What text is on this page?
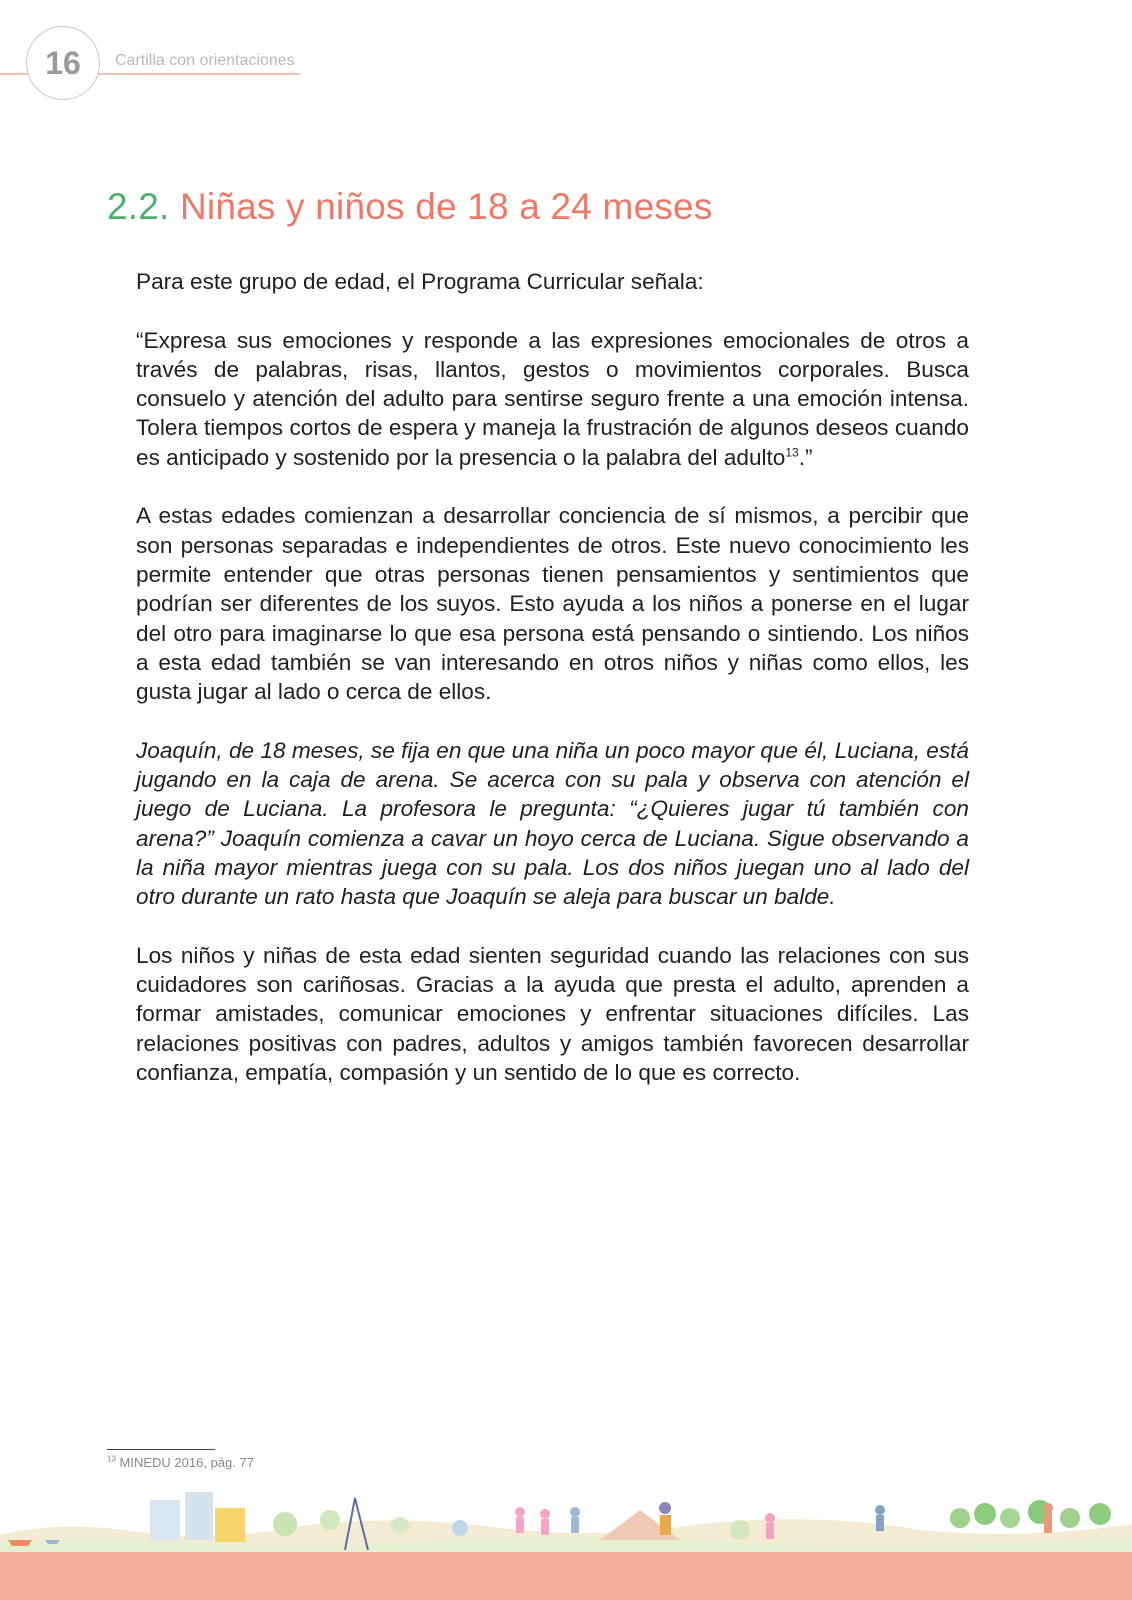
16	Cartilla con orientaciones
2.2. Niñas y niños de 18 a 24 meses

Para este grupo de edad, el Programa Curricular señala:

“Expresa sus emociones y responde a las expresiones emocionales de otros a través de palabras, risas, llantos, gestos o movimientos corporales. Busca consuelo y atención del adulto para sentirse seguro frente a una emoción intensa. Tolera tiempos cortos de espera y maneja la frustración de algunos deseos cuando es anticipado y sostenido por la presencia o la palabra del adulto$^{13}$.”

A estas edades comienzan a desarrollar conciencia de sí mismos, a percibir que son personas separadas e independientes de otros. Este nuevo conocimiento les permite entender que otras personas tienen pensamientos y sentimientos que podrían ser diferentes de los suyos. Esto ayuda a los niños a ponerse en el lugar del otro para imaginarse lo que esa persona está pensando o sintiendo. Los niños a esta edad también se van interesando en otros niños y niñas como ellos, les gusta jugar al lado o cerca de ellos.

Joaquín, de 18 meses, se fija en que una niña un poco mayor que él, Luciana, está jugando en la caja de arena. Se acerca con su pala y observa con atención el juego de Luciana. La profesora le pregunta: “¿Quieres jugar tú también con arena?” Joaquín comienza a cavar un hoyo cerca de Luciana. Sigue observando a la niña mayor mientras juega con su pala. Los dos niños juegan uno al lado del otro durante un rato hasta que Joaquín se aleja para buscar un balde.

Los niños y niñas de esta edad sienten seguridad cuando las relaciones con sus cuidadores son cariñosas. Gracias a la ayuda que presta el adulto, aprenden a formar amistades, comunicar emociones y enfrentar situaciones difíciles. Las relaciones positivas con padres, adultos y amigos también favorecen desarrollar confianza, empatía, compasión y un sentido de lo que es correcto.

$^{13}$ MINEDU 2016, pág. 77
